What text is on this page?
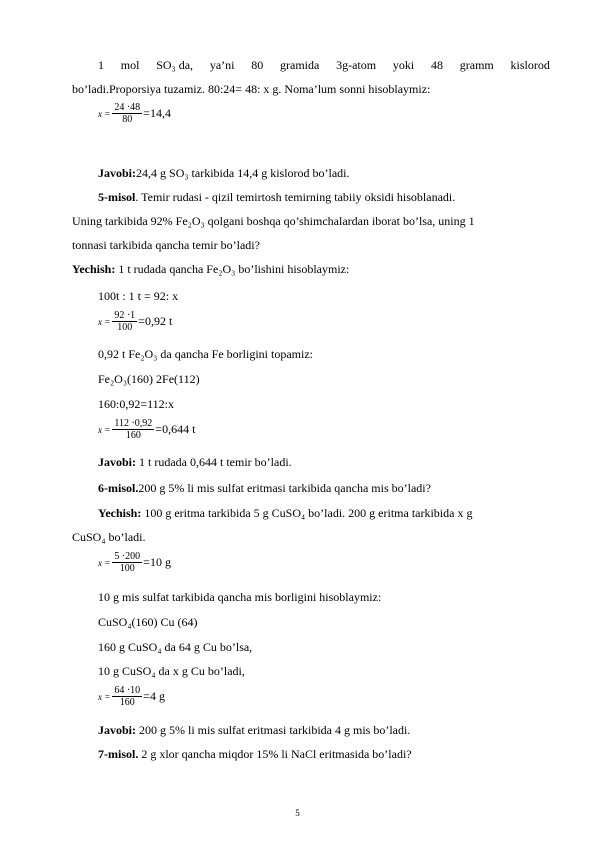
1 mol SO₃ da, ya’ni 80 gramida 3g-atom yoki 48 gramm kislorod
bo’ladi.Proporsiya tuzamiz. 80:24= 48: x g. Noma’lum sonni hisoblaymiz:
$x = \frac{24 \cdot 48}{80} =14,4$
Javobi:24,4 g SO₃ tarkibida 14,4 g kislorod bo’ladi.
5-misol. Temir rudasi - qizil temirtosh temirning tabiiy oksidi hisoblanadi.
Uning tarkibida 92% Fe₂O₃ qolgani boshqa qo’shimchalardan iborat bo’lsa, uning 1
tonnasi tarkibida qancha temir bo’ladi?
Yechish: 1 t rudada qancha Fe₂O₃ bo’lishini hisoblaymiz:
100t : 1 t = 92: x
$x = \frac{92 \cdot 1}{100} =0,92$ t
0,92 t Fe₂O₃ da qancha Fe borligini topamiz:
Fe₂O₃(160) 2Fe(112)
160:0,92=112:x
$x = \frac{112 \cdot 0,92}{160} =0,644$ t
Javobi: 1 t rudada 0,644 t temir bo’ladi.
6-misol.200 g 5% li mis sulfat eritmasi tarkibida qancha mis bo’ladi?
Yechish: 100 g eritma tarkibida 5 g CuSO₄ bo’ladi. 200 g eritma tarkibida x g
CuSO₄ bo’ladi.
$x = \frac{5 \cdot 200}{100} =10$ g
10 g mis sulfat tarkibida qancha mis borligini hisoblaymiz:
CuSO₄(160) Cu (64)
160 g CuSO₄ da 64 g Cu bo’lsa,
10 g CuSO₄ da x g Cu bo’ladi,
$x = \frac{64 \cdot 10}{160} =4$ g
Javobi: 200 g 5% li mis sulfat eritmasi tarkibida 4 g mis bo’ladi.
7-misol. 2 g xlor qancha miqdor 15% li NaCl eritmasida bo’ladi?
5
